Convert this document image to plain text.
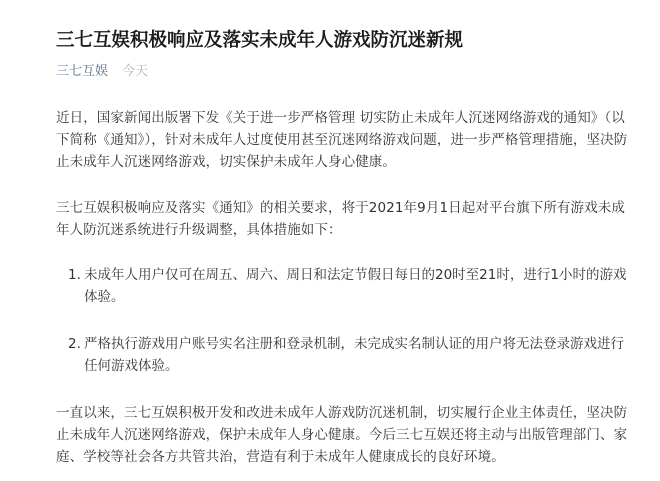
三七互娱积极响应及落实未成年人游戏防沉迷新规
三七互娱 今天

近日，国家新闻出版署下发《关于进一步严格管理 切实防止未成年人沉迷网络游戏的通知》（以下简称《通知》），针对未成年人过度使用甚至沉迷网络游戏问题，进一步严格管理措施，坚决防止未成年人沉迷网络游戏，切实保护未成年人身心健康。

三七互娱积极响应及落实《通知》的相关要求，将于2021年9月1日起对平台旗下所有游戏未成年人防沉迷系统进行升级调整，具体措施如下：

1. 未成年人用户仅可在周五、周六、周日和法定节假日每日的20时至21时，进行1小时的游戏体验。
2. 严格执行游戏用户账号实名注册和登录机制，未完成实名制认证的用户将无法登录游戏进行任何游戏体验。

一直以来，三七互娱积极开发和改进未成年人游戏防沉迷机制，切实履行企业主体责任，坚决防止未成年人沉迷网络游戏，保护未成年人身心健康。今后三七互娱还将主动与出版管理部门、家庭、学校等社会各方共管共治，营造有利于未成年人健康成长的良好环境。
